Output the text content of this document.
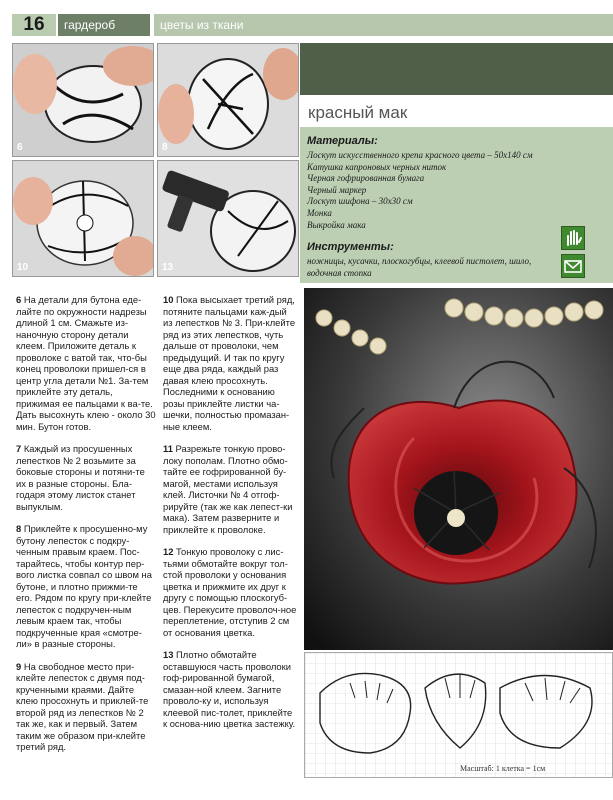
16	гардероб	цветы из ткани
6	8
10	13
красный мак
Материалы:
Лоскут искусственного крепа красного цвета – 50х140 см
Катушка капроновых черных ниток
Черная гофрированная бумага
Черный маркер
Лоскут шифона – 30х30 см
Монка
Выкройка мака
Инструменты:
ножницы, кусачки, плоскогубцы, клеевой пистолет, шило, водочная стопка

6 На детали для бутона еде-лайте по окружности надрезы длиной 1 см. Смажьте из-наночную сторону детали клеем. Приложите деталь к проволоке с ватой так, что-бы конец проволоки пришел-ся в центр угла детали №1. За-тем приклейте эту деталь, прижимая ее пальцами к ва-те. Дать высохнуть клею - около 30 мин. Бутон готов.

7 Каждый из просушенных лепестков № 2 возьмите за боковые стороны и потяни-те их в разные стороны. Бла-годаря этому листок станет выпуклым.

8 Приклейте к просушенно-му бутону лепесток с подкру-ченным правым краем. Пос-тарайтесь, чтобы контур пер-вого листка совпал со швом на бутоне, и плотно прижми-те его. Рядом по кругу при-клейте лепесток с подкручен-ным левым краем так, чтобы подкрученные края «смотре-ли» в разные стороны.

9 На свободное место при-клейте лепесток с двумя под-крученными краями. Дайте клею просохнуть и приклей-те второй ряд из лепестков № 2 так же, как и первый. Затем таким же образом при-клейте третий ряд.

10 Пока высыхает третий ряд, потяните пальцами каж-дый из лепестков № 3. При-клейте ряд из этих лепестков, чуть дальше от проволоки, чем предыдущий. И так по кругу еще два ряда, каждый раз давая клею просохнуть. Последними к основанию розы приклейте листки ча-шечки, полностью промазан-ные клеем.

11 Разрежьте тонкую прово-локу пополам. Плотно обмо-тайте ее гофрированной бу-магой, местами используя клей. Листочки № 4 отгоф-рируйте (так же как лепест-ки мака). Затем разверните и приклейте к проволоке.

12 Тонкую проволоку с лис-тьями обмотайте вокруг тол-стой проволоки у основания цветка и прижмите их друг к другу с помощью плоскогуб-цев. Перекусите проволоч-ное переплетение, отступив 2 см от основания цветка.

13 Плотно обмотайте оставшуюся часть проволоки гоф-рированной бумагой, смазан-ной клеем. Загните проволо-ку и, используя клеевой пис-толет, приклейте к основа-нию цветка застежку.

Масштаб: 1 клетка = 1см
